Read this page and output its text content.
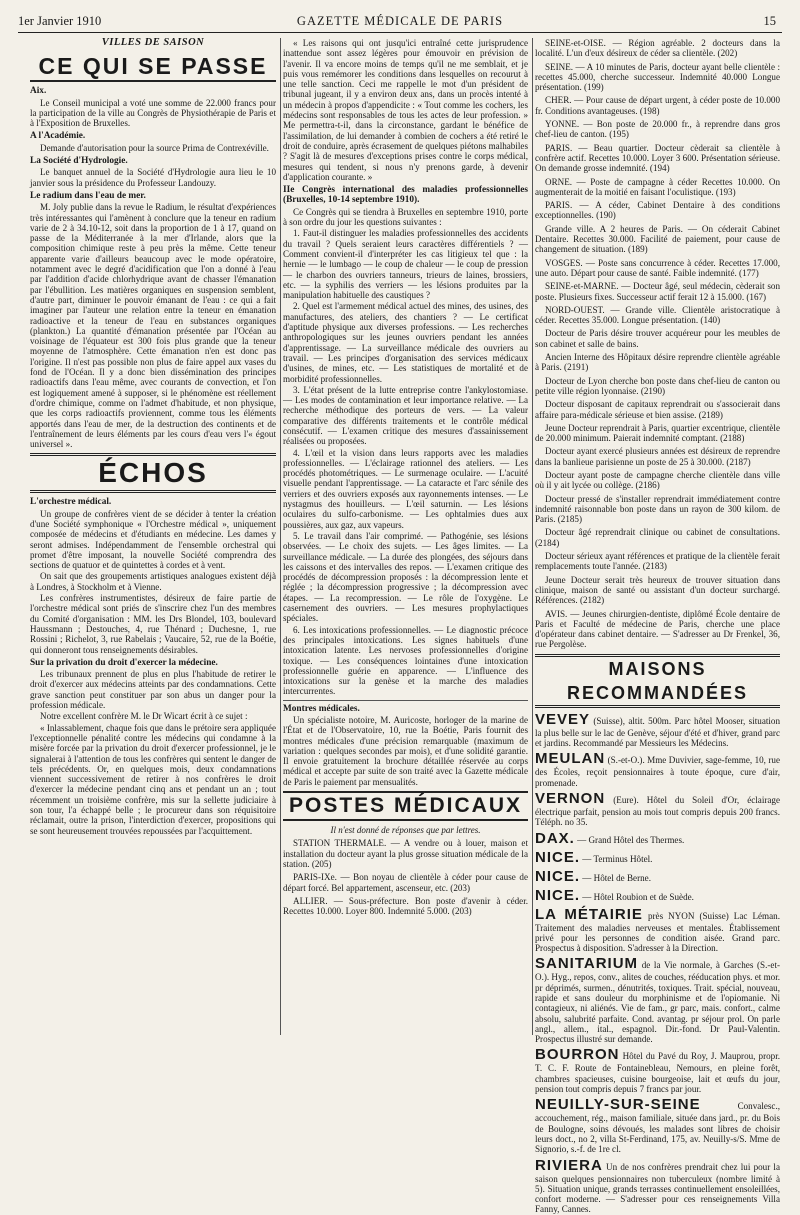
1er Janvier 1910	GAZETTE MÉDICALE DE PARIS	15
VILLES DE SAISON
CE QUI SE PASSE
Aix.

Le Conseil municipal a voté une somme de 22.000 francs pour la participation de la ville au Congrès de Physiothérapie de Paris et à l'Exposition de Bruxelles.

A l'Académie.

Demande d'autorisation pour la source Prima de Contrexéville.

La Société d'Hydrologie.

Le banquet annuel de la Société d'Hydrologie aura lieu le 10 janvier sous la présidence du Professeur Landouzy.

Le radium dans l'eau de mer.

M. Joly publie dans la revue le Radium, le résultat d'expériences très intéressantes qui l'amènent à conclure que la teneur en radium varie de 2 à 34.10-12, soit dans la proportion de 1 à 17, quand on passe de la Méditerranée à la mer d'Irlande, alors que la composition chimique reste à peu près la même. Cette teneur apparente varie d'ailleurs beaucoup avec le mode opératoire, notamment avec le degré d'acidification que l'on a donné à l'eau par l'addition d'acide chlorhydrique avant de chasser l'émanation par l'ébullition. Les matières organiques en suspension semblent, d'autre part, diminuer le pouvoir émanant de l'eau : ce qui a fait imaginer par l'auteur une relation entre la teneur en émanation radioactive et la teneur de l'eau en substances organiques (plankton.) La quantité d'émanation présentée par l'Océan au voisinage de l'équateur est 300 fois plus grande que la teneur moyenne de l'atmosphère. Cette émanation n'en est donc pas l'origine. Il n'est pas possible non plus de faire appel aux vases du fond de l'Océan. Il y a donc bien dissémination des principes radioactifs dans l'eau même, avec courants de convection, et l'on est logiquement amené à supposer, si le phénomène est réellement d'ordre chimique, comme on l'admet d'habitude, et non physique, que les corps radioactifs proviennent, comme tous les éléments apportés dans l'eau de mer, de la destruction des continents et de l'entraînement de leurs éléments par les cours d'eau vers l'« égout universel ».

ÉCHOS
L'orchestre médical.

Un groupe de confrères vient de se décider à tenter la création d'une Société symphonique « l'Orchestre médical », uniquement composée de médecins et d'étudiants en médecine. Les dames y seront admises. Indépendamment de l'ensemble orchestral qui promet d'être imposant, la nouvelle Société comprendra des sections de quatuor et de quintettes à cordes et à vent.

On sait que des groupements artistiques analogues existent déjà à Londres, à Stockholm et à Vienne.

Les confrères instrumentistes, désireux de faire partie de l'orchestre médical sont priés de s'inscrire chez l'un des membres du Comité d'organisation : MM. les Drs Blondel, 103, boulevard Haussmann ; Destouches, 4, rue Thénard ; Duchesne, 1, rue Rossini ; Richelot, 3, rue Rabelais ; Vaucaire, 52, rue de la Boétie, qui donneront tous renseignements désirables.

Sur la privation du droit d'exercer la médecine.

Les tribunaux prennent de plus en plus l'habitude de retirer le droit d'exercer aux médecins atteints par des condamnations. Cette grave sanction peut constituer par son abus un danger pour la profession médicale.

Notre excellent confrère M. le Dr Wicart écrit à ce sujet :

« Inlassablement, chaque fois que dans le prétoire sera appliquée l'exceptionnelle pénalité contre les médecins qui condamne à la misère forcée par la privation du droit d'exercer professionnel, je le signalerai à l'attention de tous les confrères qui sentent le danger de tels précédents. Or, en quelques mois, deux condamnations viennent successivement de retirer à nos confrères le droit d'exercer la médecine pendant cinq ans et pendant un an ; tout récemment un troisième confrère, mis sur la sellette judiciaire à son tour, l'a échappé belle ; le procureur dans son réquisitoire réclamait, outre la prison, l'interdiction d'exercer, propositions qui se sont heureusement trouvées repoussées par l'acquittement.

« Les raisons qui ont jusqu'ici entraîné cette jurisprudence inattendue sont assez légères pour émouvoir en prévision de l'avenir. Il va encore moins de temps qu'il ne me semblait, et je puis vous remémorer les conditions dans lesquelles on recourut à une telle sanction. Ceci me rappelle le mot d'un président de tribunal jugeant, il y a environ deux ans, dans un procès intenté à un médecin à propos d'appendicite : « Tout comme les cochers, les médecins sont responsables de tous les actes de leur profession. » Me permettra-t-il, dans la circonstance, gardant le bénéfice de l'assimilation, de lui demander à combien de cochers a été retiré le droit de conduire, après écrasement de quelques piétons malhabiles ? S'agit là de mesures d'exceptions prises contre le corps médical, mesures qui tendent, si nous n'y prenons garde, à devenir d'application courante. »

IIe Congrès international des maladies professionnelles (Bruxelles, 10-14 septembre 1910).

Ce Congrès qui se tiendra à Bruxelles en septembre 1910, porte à son ordre du jour les questions suivantes :

1. Faut-il distinguer les maladies professionnelles des accidents du travail ? Quels seraient leurs caractères différentiels ? — Comment convient-il d'interpréter les cas litigieux tel que : la hernie — le lumbago — le coup de chaleur — le coup de pression — le charbon des ouvriers tanneurs, trieurs de laines, brossiers, etc. — la syphilis des verriers — les lésions produites par la manipulation habituelle des caustiques ?

2. Quel est l'armement médical actuel des mines, des usines, des manufactures, des ateliers, des chantiers ? — Le certificat d'aptitude physique aux diverses professions. — Les recherches anthropologiques sur les jeunes ouvriers pendant les années d'apprentissage. — La surveillance médicale des ouvriers au travail. — Les principes d'organisation des services médicaux d'usines, de mines, etc. — Les statistiques de mortalité et de morbidité professionnelles.

3. L'état présent de la lutte entreprise contre l'ankylostomiase. — Les modes de contamination et leur importance relative. — La recherche méthodique des porteurs de vers. — La valeur comparative des différents traitements et le contrôle médical consécutif. — L'examen critique des mesures d'assainissement réalisées ou proposées.

4. L'œil et la vision dans leurs rapports avec les maladies professionnelles. — L'éclairage rationnel des ateliers. — Les procédés photométriques. — Le surmenage oculaire. — L'acuité visuelle pendant l'apprentissage. — La cataracte et l'arc sénile des verriers et des ouvriers exposés aux rayonnements intenses. — Le nystagmus des houilleurs. — L'œil saturnin. — Les lésions oculaires du sulfo-carbonisme. — Les ophtalmies dues aux poussières, aux gaz, aux vapeurs.

5. Le travail dans l'air comprimé. — Pathogénie, ses lésions observées. — Le choix des sujets. — Les âges limites. — La surveillance médicale. — La durée des plongées, des séjours dans les caissons et des intervalles des repos. — L'examen critique des procédés de décompression proposés : la décompression lente et réglée ; la décompression progressive ; la décompression avec étapes. — La recompression. — Le rôle de l'oxygène. Le casernement des ouvriers. — Les mesures prophylactiques spéciales.

6. Les intoxications professionnelles. — Le diagnostic précoce des principales intoxications. Les signes habituels d'une intoxication latente. Les nervoses professionnelles d'origine toxique. — Les conséquences lointaines d'une intoxication professionnelle guérie en apparence. — L'influence des intoxications sur la genèse et la marche des maladies intercurrentes.

Montres médicales.

Un spécialiste notoire, M. Auricoste, horloger de la marine de l'État et de l'Observatoire, 10, rue la Boétie, Paris fournit des montres médicales d'une précision remarquable (maximum de variation : quelques secondes par mois), et d'une solidité garantie. Il envoie gratuitement la brochure détaillée réservée au corps médical et accepte par suite de son traité avec la Gazette médicale de Paris le paiement par mensualités.

POSTES MÉDICAUX
Il n'est donné de réponses que par lettres.

STATION THERMALE. — A vendre ou à louer, maison et installation du docteur ayant la plus grosse situation médicale de la station. (205)

PARIS-IXe. — Bon noyau de clientèle à céder pour cause de départ forcé. Bel appartement, ascenseur, etc. (203)

ALLIER. — Sous-préfecture. Bon poste d'avenir à céder. Recettes 10.000. Loyer 800. Indemnité 5.000. (203)

SEINE-et-OISE. — Région agréable. 2 docteurs dans la localité. L'un d'eux désireux de céder sa clientèle. (202)

SEINE. — A 10 minutes de Paris, docteur ayant belle clientèle : recettes 45.000, cherche successeur. Indemnité 40.000 Longue présentation. (199)

CHER. — Pour cause de départ urgent, à céder poste de 10.000 fr. Conditions avantageuses. (198)

YONNE. — Bon poste de 20.000 fr., à reprendre dans gros chef-lieu de canton. (195)

PARIS. — Beau quartier. Docteur cèderait sa clientèle à confrère actif. Recettes 10.000. Loyer 3 600. Présentation sérieuse. On demande grosse indemnité. (194)

ORNE. — Poste de campagne à céder Recettes 10.000. On augmenterait de la moitié en faisant l'oculistique. (193)

PARIS. — A céder, Cabinet Dentaire à des conditions exceptionnelles. (190)

Grande ville. A 2 heures de Paris. — On céderait Cabinet Dentaire. Recettes 30.000. Facilité de paiement, pour cause de changement de situation. (189)

VOSGES. — Poste sans concurrence à céder. Recettes 17.000, une auto. Départ pour cause de santé. Faible indemnité. (177)

SEINE-et-MARNE. — Docteur âgé, seul médecin, cèderait son poste. Plusieurs fixes. Successeur actif ferait 12 à 15.000. (167)

NORD-OUEST. — Grande ville. Clientèle aristocratique à céder. Recettes 35.000. Longue présentation. (140)

Docteur de Paris désire trouver acquéreur pour les meubles de son cabinet et salle de bains.

Ancien Interne des Hôpitaux désire reprendre clientèle agréable à Paris. (2191)

Docteur de Lyon cherche bon poste dans chef-lieu de canton ou petite ville région lyonnaise. (2190)

Docteur disposant de capitaux reprendrait ou s'associerait dans affaire para-médicale sérieuse et bien assise. (2189)

Jeune Docteur reprendrait à Paris, quartier excentrique, clientèle de 20.000 minimum. Paierait indemnité comptant. (2188)

Docteur ayant exercé plusieurs années est désireux de reprendre dans la banlieue parisienne un poste de 25 à 30.000. (2187)

Docteur ayant poste de campagne cherche clientèle dans ville où il y ait lycée ou collège. (2186)

Docteur pressé de s'installer reprendrait immédiatement contre indemnité raisonnable bon poste dans un rayon de 300 kilom. de Paris. (2185)

Docteur âgé reprendrait clinique ou cabinet de consultations. (2184)

Docteur sérieux ayant références et pratique de la clientèle ferait remplacements toute l'année. (2183)

Jeune Docteur serait très heureux de trouver situation dans clinique, maison de santé ou assistant d'un docteur surchargé. Références. (2182)

AVIS. — Jeunes chirurgien-dentiste, diplômé École dentaire de Paris et Faculté de médecine de Paris, cherche une place d'opérateur dans cabinet dentaire. — S'adresser au Dr Frenkel, 36, rue Pergolèse.

MAISONS RECOMMANDÉES

VEVEY (Suisse), altit. 500m. Parc hôtel Mooser, situation la plus belle sur le lac de Genève, séjour d'été et d'hiver, grand parc et jardins. Recommandé par Messieurs les Médecins.

MEULAN (S.-et-O.). Mme Duvivier, sage-femme, 10, rue des Écoles, reçoit pensionnaires à toute époque, cure d'air, promenade.

VERNON (Eure). Hôtel du Soleil d'Or, éclairage électrique parfait, pension au mois tout compris depuis 200 francs. Téléph. no 35.

DAX. — Grand Hôtel des Thermes.

NICE. — Terminus Hôtel.

NICE. — Hôtel de Berne.

NICE. — Hôtel Roubion et de Suède.

LA MÉTAIRIE près NYON (Suisse) Lac Léman. Traitement des maladies nerveuses et mentales. Établissement privé pour les personnes de condition aisée. Grand parc. Prospectus à disposition. S'adresser à la Direction.

SANITARIUM de la Vie normale, à Garches (S.-et-O.). Hyg., repos, conv., alites de couches, rééducation phys. et mor. pr déprimés, surmen., dénutrités, toxiques. Trait. spécial, nouveau, rapide et sans douleur du morphinisme et de l'opiomanie. Ni contagieux, ni aliénés. Vie de fam., gr parc, mais. confort., calme absolu, salubrité parfaite. Cond. avantag. pr séjour prol. On parle angl., allem., ital., espagnol. Dir.-fond. Dr Paul-Valentin. Prospectus illustré sur demande.

BOURRON Hôtel du Pavé du Roy, J. Mauprou, propr. T. C. F. Route de Fontainebleau, Nemours, en pleine forêt, chambres spacieuses, cuisine bourgeoise, lait et œufs du jour, pension tout compris depuis 7 francs par jour.

NEUILLY-SUR-SEINE Convalesc., accouchement, rég., maison familiale, située dans jard., pr. du Bois de Boulogne, soins dévoués, les malades sont libres de choisir leurs doct., no 2, villa St-Ferdinand, 175, av. Neuilly-s/S. Mme de Signorio, s.-f. de 1re cl.

RIVIERA Un de nos confrères prendrait chez lui pour la saison quelques pensionnaires non tuberculeux (nombre limité à 5). Situation unique, grands terrasses continuellement ensoleillées, confort moderne. — S'adresser pour ces renseignements Villa Fanny, Cannes.
